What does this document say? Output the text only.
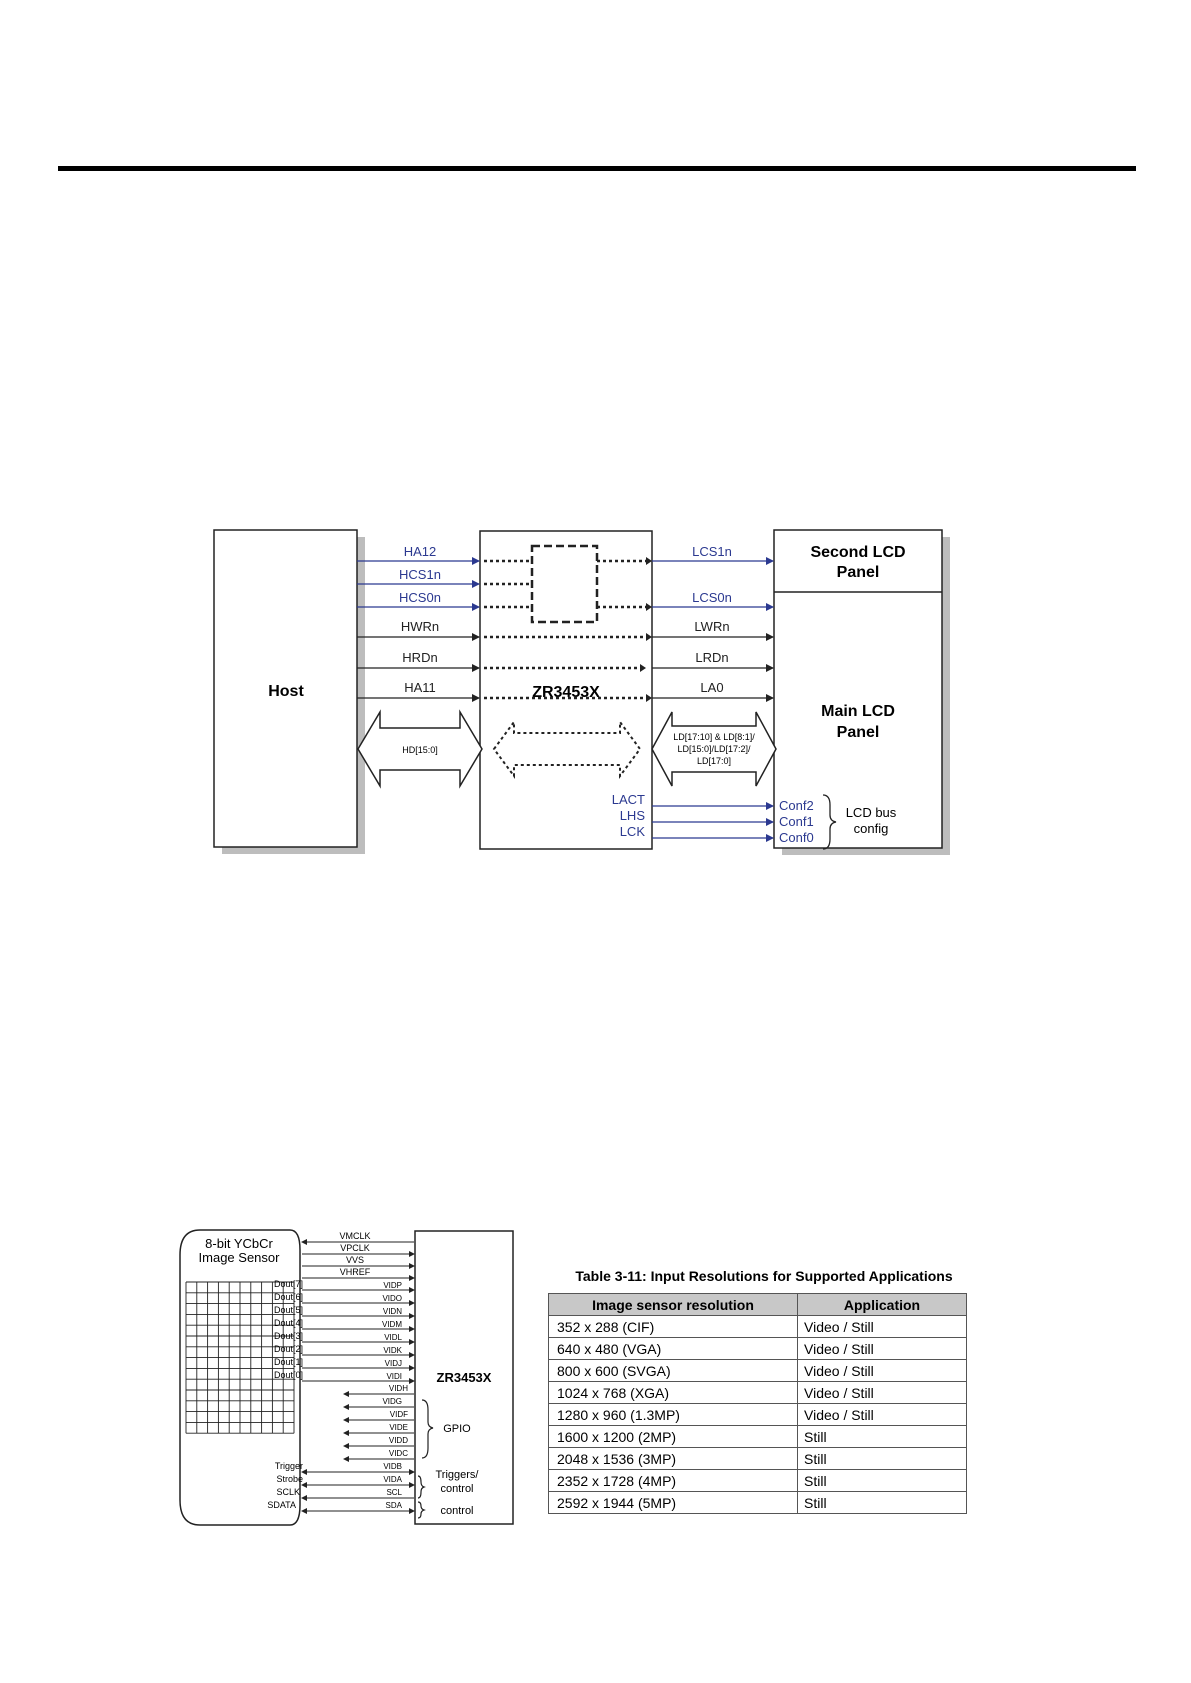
Host	ZR3453X
Second LCD
Panel
Main LCD
Panel
HA12
HCS1n
HCS0n
HWRn
HRDn
HA11
LCS1n
LCS0n
LWRn
LRDn
LA0
HD[15:0]
LD[17:10] & LD[8:1]/
LD[15:0]/LD[17:2]/
LD[17:0]
LACT
LHS
LCK
Conf2
Conf1
Conf0
LCD bus
config
8-bit YCbCr
Image Sensor
ZR3453X
VMCLK
VPCLK
VVS
VHREF
Dout[7]
Dout[6]
Dout[5]
Dout[4]
Dout[3]
Dout[2]
Dout[1]
Dout[0]
VIDP
VIDO
VIDN
VIDM
VIDL
VIDK
VIDJ
VIDI
VIDH
VIDG
VIDF
VIDE
VIDD
VIDC
GPIO
Trigger
Strobe
SCLK
SDATA
VIDB
VIDA
SCL
SDA
Triggers/
control
control
Table 3-11: Input Resolutions for Supported Applications
Image sensor resolution	Application
352 x 288 (CIF)	Video / Still
640 x 480 (VGA)	Video / Still
800 x 600 (SVGA)	Video / Still
1024 x 768 (XGA)	Video / Still
1280 x 960 (1.3MP)	Video / Still
1600 x 1200 (2MP)	Still
2048 x 1536 (3MP)	Still
2352 x 1728 (4MP)	Still
2592 x 1944 (5MP)	Still
